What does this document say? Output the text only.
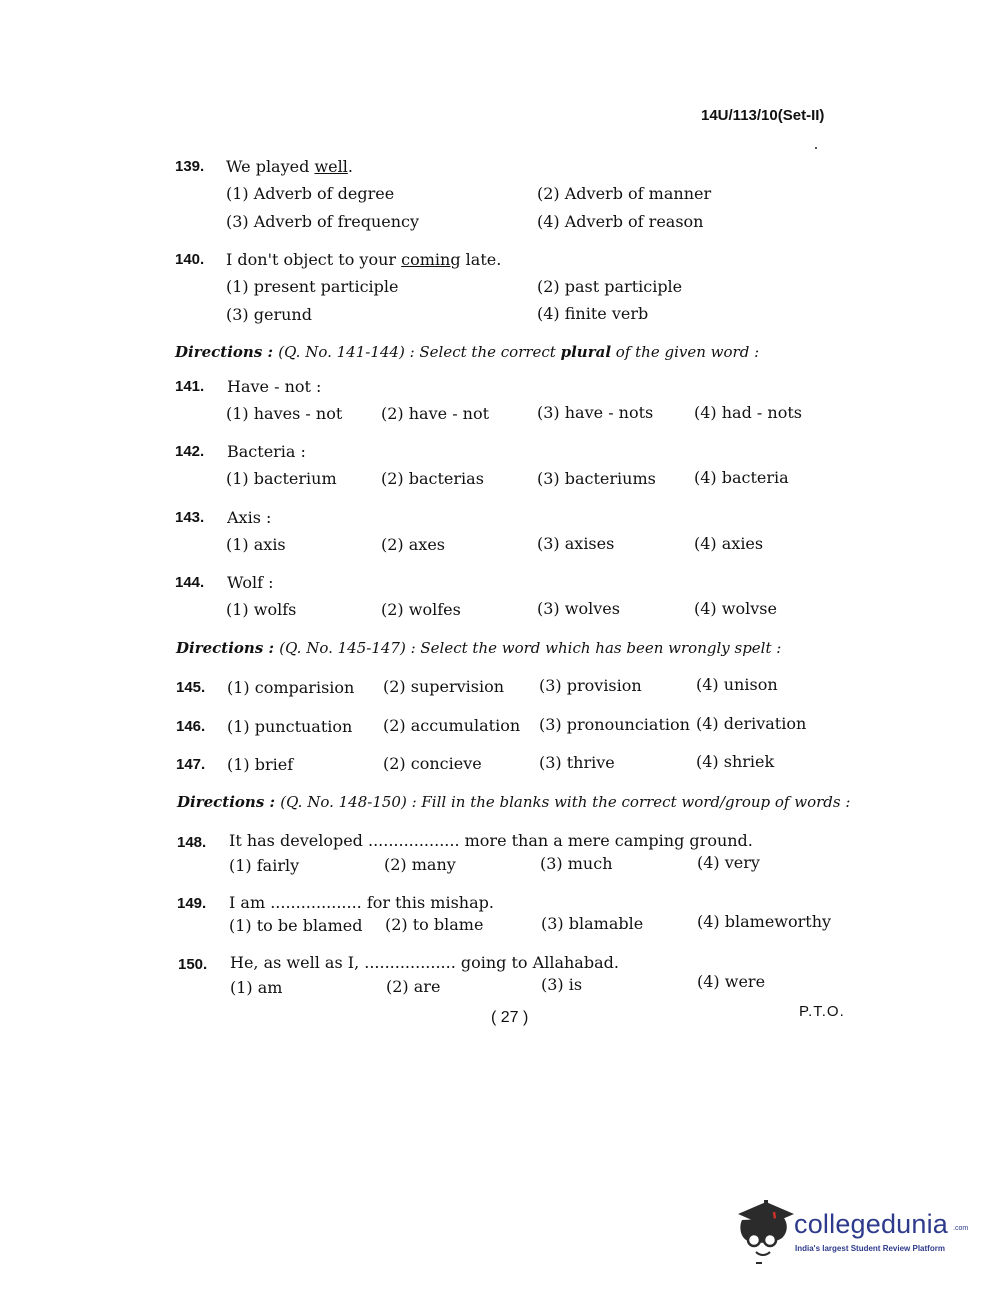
14U/113/10(Set-II)
139. We played well.
(1) Adverb of degree	(2) Adverb of manner
(3) Adverb of frequency	(4) Adverb of reason
140. I don't object to your coming late.
(1) present participle	(2) past participle
(3) gerund	(4) finite verb
Directions : (Q. No. 141-144) : Select the correct plural of the given word :
141. Have - not :
(1) haves - not (2) have - not	(3) have - nots	(4) had - nots
142. Bacteria :
(1) bacterium	(2) bacterias	(3) bacteriums (4) bacteria
143. Axis :
(1) axis	(2) axes	(3) axises	(4) axies
144. Wolf :
(1) wolfs	(2) wolfes	(3) wolves	(4) wolvse
Directions : (Q. No. 145-147) : Select the word which has been wrongly spelt :
145. (1) comparision (2) supervision (3) provision	(4) unison
146. (1) punctuation (2) accumulation (3) pronounciation (4) derivation
147. (1) brief	(2) concieve	(3) thrive	(4) shriek
Directions : (Q. No. 148-150) : Fill in the blanks with the correct word/group of words :
148. It has developed .................. more than a mere camping ground.
(1) fairly	(2) many	(3) much	(4) very
149. I am .................. for this mishap.
(1) to be blamed (2) to blame	(3) blamable	(4) blameworthy
150. He, as well as I, .................. going to Allahabad.
(1) am	(2) are	(3) is	(4) were
( 27 )	P.T.O.
collegedunia .com
India's largest Student Review Platform
